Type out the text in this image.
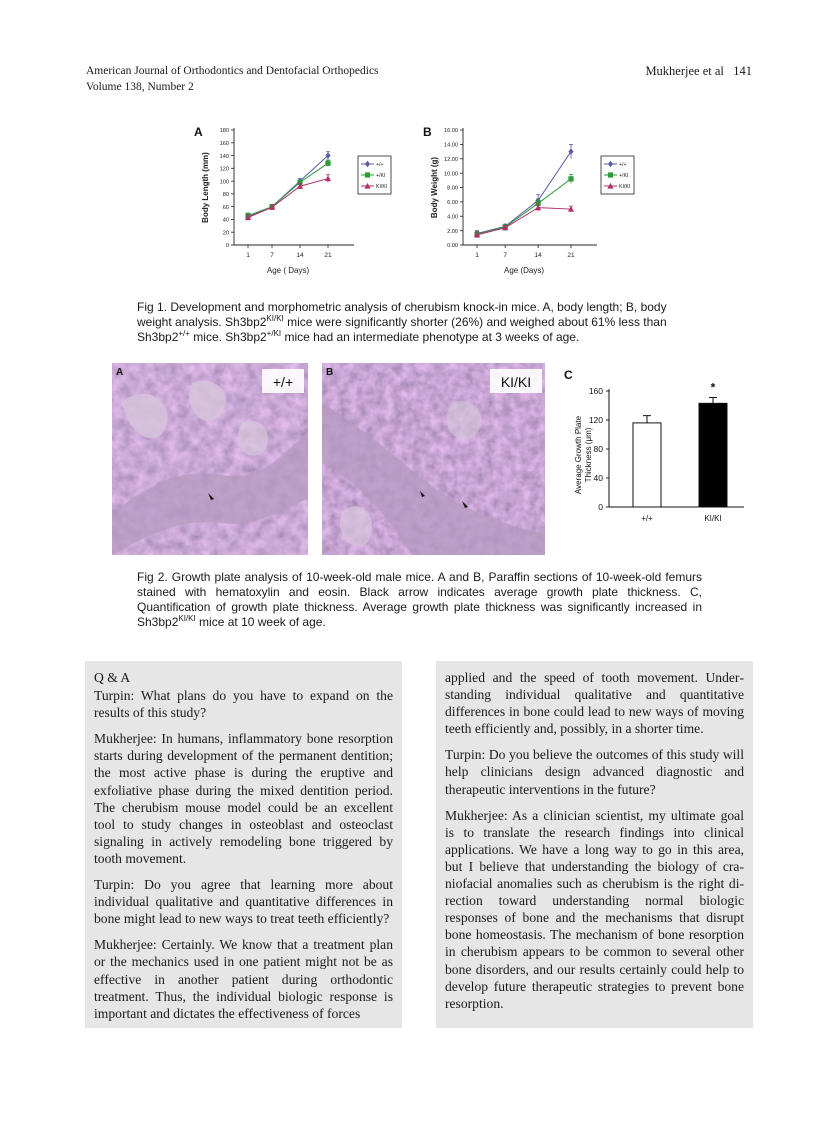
American Journal of Orthodontics and Dentofacial Orthopedics
Volume 138, Number 2
Mukherjee et al 141
A	B
0
20
40
60
80
100
120
140
160
180
1	7	14	21
Age ( Days)
Body Length (mm)	+/+
+/KI
KI/KI
0.00
2.00
4.00
6.00
8.00
10.00
12.00
14.00
16.00
1	7	14	21
Age (Days)
Body Weight (g)	+/+
+/KI
KI/KI
Fig 1. Development and morphometric analysis of cherubism knock-in mice. A, body length; B, body weight analysis. $Sh3bp2^{KI/KI}$ mice were significantly shorter (26%) and weighed about 61% less than Sh3bp2+/+ mice. $Sh3bp2^{+/KI}$ mice had an intermediate phenotype at 3 weeks of age.
A
+/+
B
KI/KI	C
0
40
80
120
160
+/+	KI/KI
*
Average Growth Plate Thickness (μm)
Fig 2. Growth plate analysis of 10-week-old male mice. A and B, Paraffin sections of 10-week-old femurs stained with hematoxylin and eosin. Black arrow indicates average growth plate thickness. C, Quantification of growth plate thickness. Average growth plate thickness was significantly increased in $Sh3bp2^{KI/KI}$ mice at 10 week of age.

Q & A

Turpin: What plans do you have to expand on the results of this study?

Mukherjee: In humans, inflammatory bone resorption starts during development of the permanent dentition; the most active phase is during the eruptive and exfoliative phase during the mixed dentition period. The cherubism mouse model could be an excellent tool to study changes in osteoblast and osteoclast signaling in actively remodeling bone triggered by tooth movement.

Turpin: Do you agree that learning more about individual qualitative and quantitative differences in bone might lead to new ways to treat teeth efficiently?

Mukherjee: Certainly. We know that a treatment plan or the mechanics used in one patient might not be as effective in another patient during orthodontic treatment. Thus, the individual biologic response is important and dictates the effectiveness of forces

applied and the speed of tooth movement. Understanding individual qualitative and quantitative differences in bone could lead to new ways of moving teeth efficiently and, possibly, in a shorter time.

Turpin: Do you believe the outcomes of this study will help clinicians design advanced diagnostic and therapeutic interventions in the future?

Mukherjee: As a clinician scientist, my ultimate goal is to translate the research findings into clinical applications. We have a long way to go in this area, but I believe that understanding the biology of craniofacial anomalies such as cherubism is the right direction toward understanding normal biologic responses of bone and the mechanisms that disrupt bone homeostasis. The mechanism of bone resorption in cherubism appears to be common to several other bone disorders, and our results certainly could help to develop future therapeutic strategies to prevent bone resorption.
